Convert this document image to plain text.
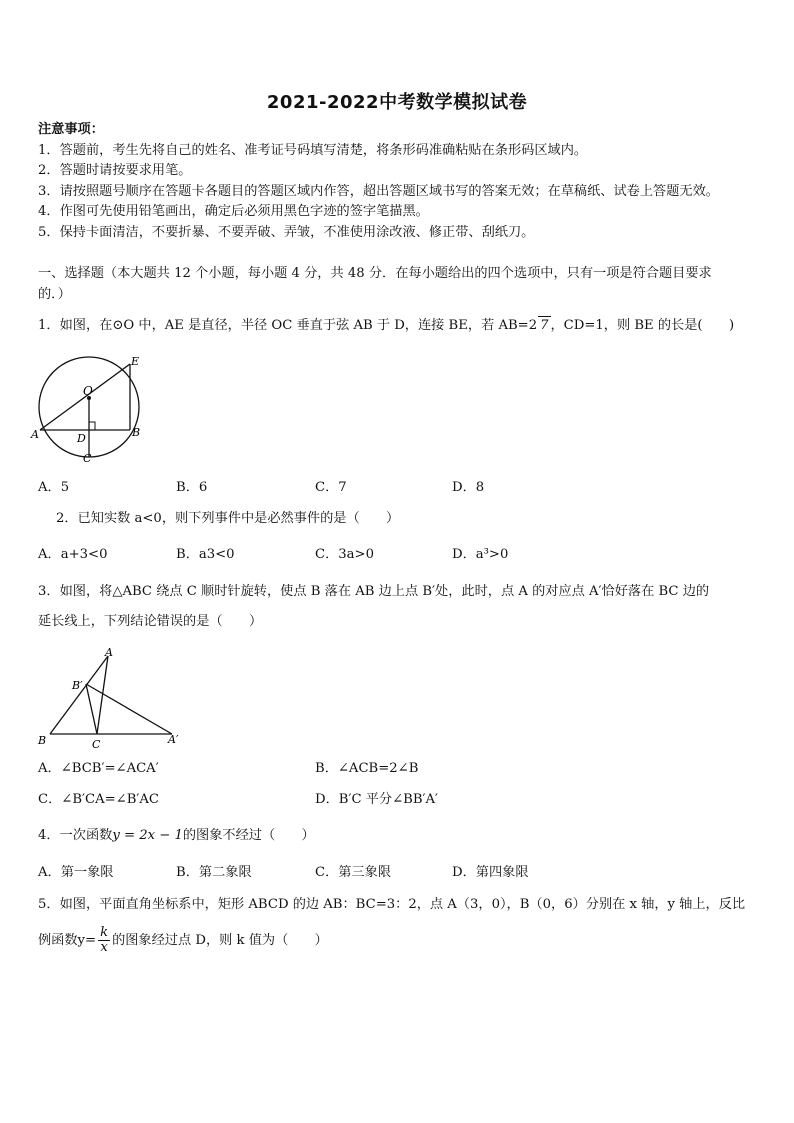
2021-2022中考数学模拟试卷
注意事项：
1．答题前，考生先将自己的姓名、准考证号码填写清楚，将条形码准确粘贴在条形码区域内。
2．答题时请按要求用笔。
3．请按照题号顺序在答题卡各题目的答题区域内作答，超出答题区域书写的答案无效；在草稿纸、试卷上答题无效。
4．作图可先使用铅笔画出，确定后必须用黑色字迹的签字笔描黑。
5．保持卡面清洁，不要折暴、不要弄破、弄皱，不准使用涂改液、修正带、刮纸刀。
一、选择题（本大题共 12 个小题，每小题 4 分，共 48 分．在每小题给出的四个选项中，只有一项是符合题目要求
的．）
1．如图，在⊙O 中，AE 是直径，半径 OC 垂直于弦 AB 于 D，连接 BE，若 AB=2 7 ，CD=1，则 BE 的长是(　　)
O
E
A	D	B
C
A．5	B．6	C．7	D．8
2．已知实数 a<0，则下列事件中是必然事件的是（　　）
A．a+3<0	B．a3<0	C．3a>0	D．a³>0
3．如图，将△ABC 绕点 C 顺时针旋转，使点 B 落在 AB 边上点 B′处，此时，点 A 的对应点 A′恰好落在 BC 边的
延长线上，下列结论错误的是（　　）
A
B′
B	C	A′
A．∠BCB′=∠ACA′	B．∠ACB=2∠B
C．∠B′CA=∠B′AC	D．B′C 平分∠BB′A′
4．一次函数y = 2x − 1的图象不经过（　　）
A．第一象限	B．第二象限	C．第三象限	D．第四象限
5．如图，平面直角坐标系中，矩形 ABCD 的边 AB：BC=3：2，点 A（3，0），B（0，6）分别在 x 轴，y 轴上，反比
例函数$y= \frac{k}{x}$ 的图象经过点 D，则 k 值为（　　）
